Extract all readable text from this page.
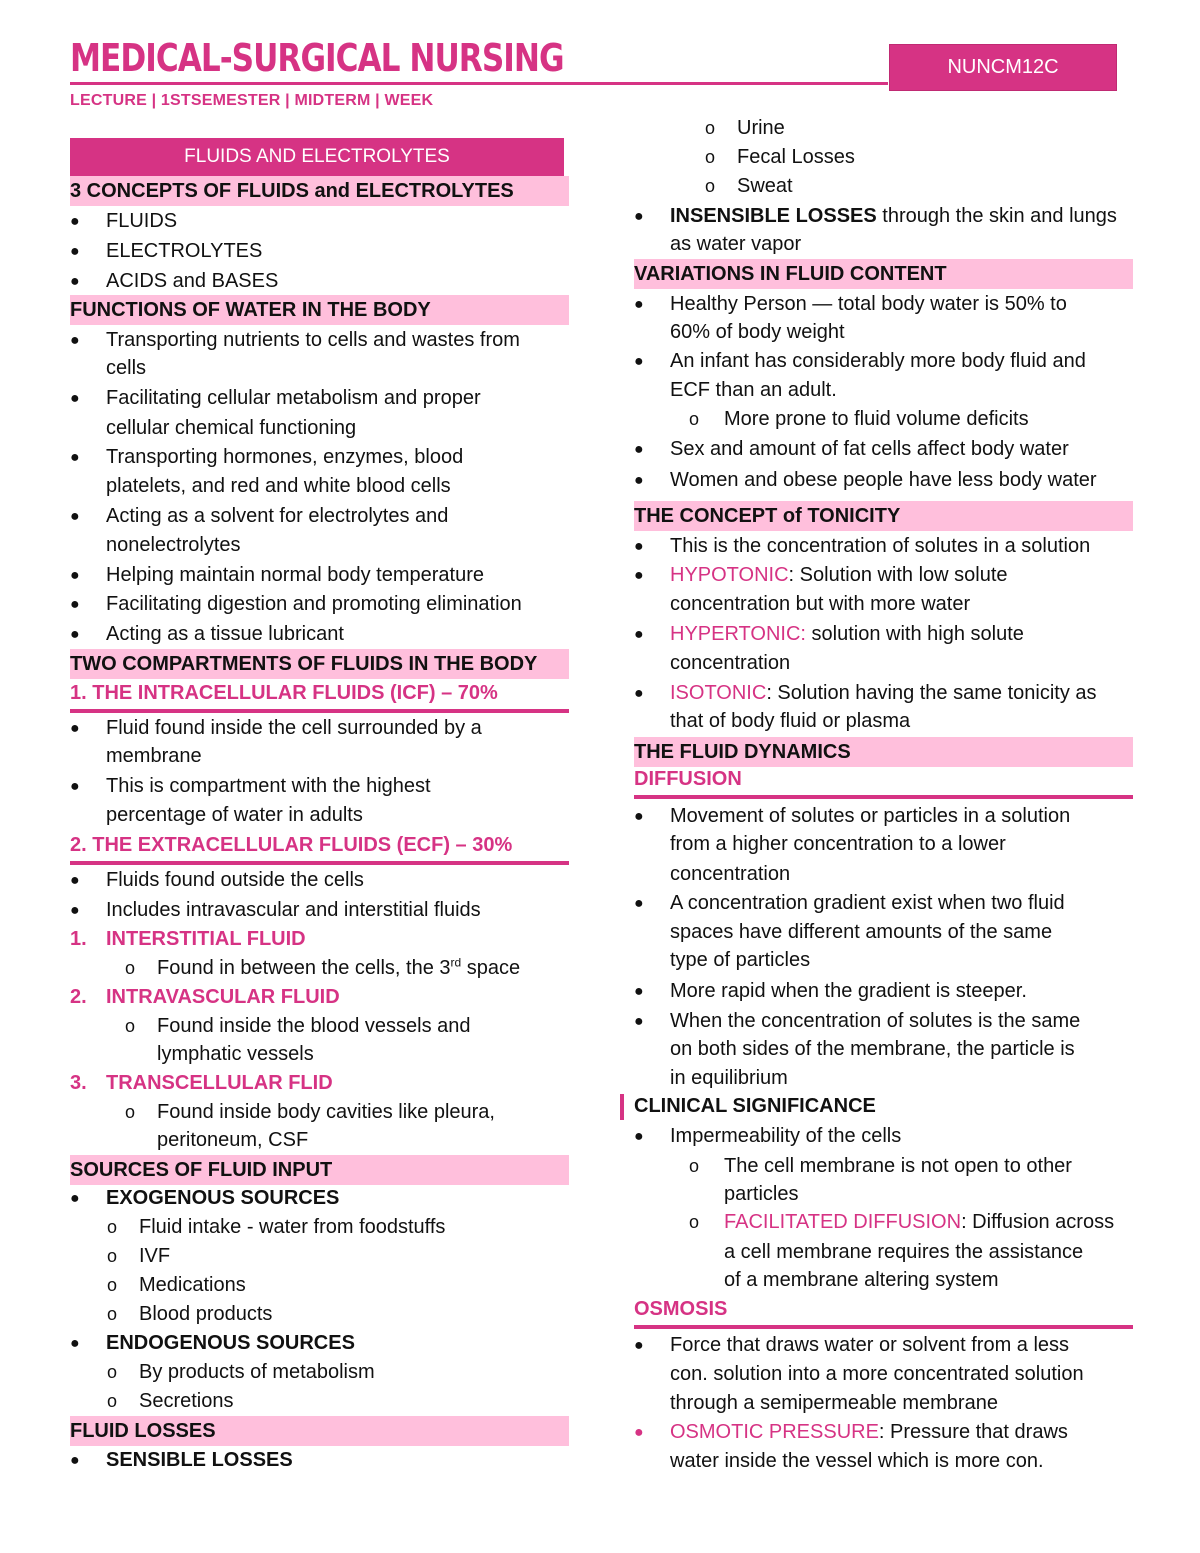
MEDICAL-SURGICAL NURSING	NUNCM12C

LECTURE | 1STSEMESTER | MIDTERM | WEEK

FLUIDS AND ELECTROLYTES
3 CONCEPTS OF FLUIDS and ELECTROLYTES
●	FLUIDS
●	ELECTROLYTES
●	ACIDS and BASES
FUNCTIONS OF WATER IN THE BODY
●	Transporting nutrients to cells and wastes from
cells
●	Facilitating cellular metabolism and proper
cellular chemical functioning
●	Transporting hormones, enzymes, blood
platelets, and red and white blood cells
●	Acting as a solvent for electrolytes and
nonelectrolytes
●	Helping maintain normal body temperature
●	Facilitating digestion and promoting elimination
●	Acting as a tissue lubricant
TWO COMPARTMENTS OF FLUIDS IN THE BODY
1. THE INTRACELLULAR FLUIDS (ICF) – 70%
●	Fluid found inside the cell surrounded by a
membrane
●	This is compartment with the highest
percentage of water in adults
2. THE EXTRACELLULAR FLUIDS (ECF) – 30%
●	Fluids found outside the cells
●	Includes intravascular and interstitial fluids
1. INTERSTITIAL FLUID
o Found in between the cells, the 3rd space
2. INTRAVASCULAR FLUID
o Found inside the blood vessels and
lymphatic vessels
3. TRANSCELLULAR FLID
o Found inside body cavities like pleura,
peritoneum, CSF
SOURCES OF FLUID INPUT
●	EXOGENOUS SOURCES
o Fluid intake - water from foodstuffs
o IVF
o Medications
o Blood products
●	ENDOGENOUS SOURCES
o By products of metabolism
o Secretions
FLUID LOSSES
●	SENSIBLE LOSSES
o Urine
o Fecal Losses
o Sweat
●	INSENSIBLE LOSSES through the skin and lungs
as water vapor
VARIATIONS IN FLUID CONTENT
●	Healthy Person — total body water is 50% to
60% of body weight
●	An infant has considerably more body fluid and
ECF than an adult.
o More prone to fluid volume deficits
●	Sex and amount of fat cells affect body water
●	Women and obese people have less body water
THE CONCEPT of TONICITY
●	This is the concentration of solutes in a solution
●	HYPOTONIC: Solution with low solute
concentration but with more water
●	HYPERTONIC: solution with high solute
concentration
●	ISOTONIC: Solution having the same tonicity as
that of body fluid or plasma
THE FLUID DYNAMICS
DIFFUSION
●	Movement of solutes or particles in a solution
from a higher concentration to a lower
concentration
●	A concentration gradient exist when two fluid
spaces have different amounts of the same
type of particles
●	More rapid when the gradient is steeper.
●	When the concentration of solutes is the same
on both sides of the membrane, the particle is
in equilibrium
CLINICAL SIGNIFICANCE
●	Impermeability of the cells
o The cell membrane is not open to other
particles
o FACILITATED DIFFUSION: Diffusion across
a cell membrane requires the assistance
of a membrane altering system
OSMOSIS
●	Force that draws water or solvent from a less
con. solution into a more concentrated solution
through a semipermeable membrane
●	OSMOTIC PRESSURE: Pressure that draws
water inside the vessel which is more con.
